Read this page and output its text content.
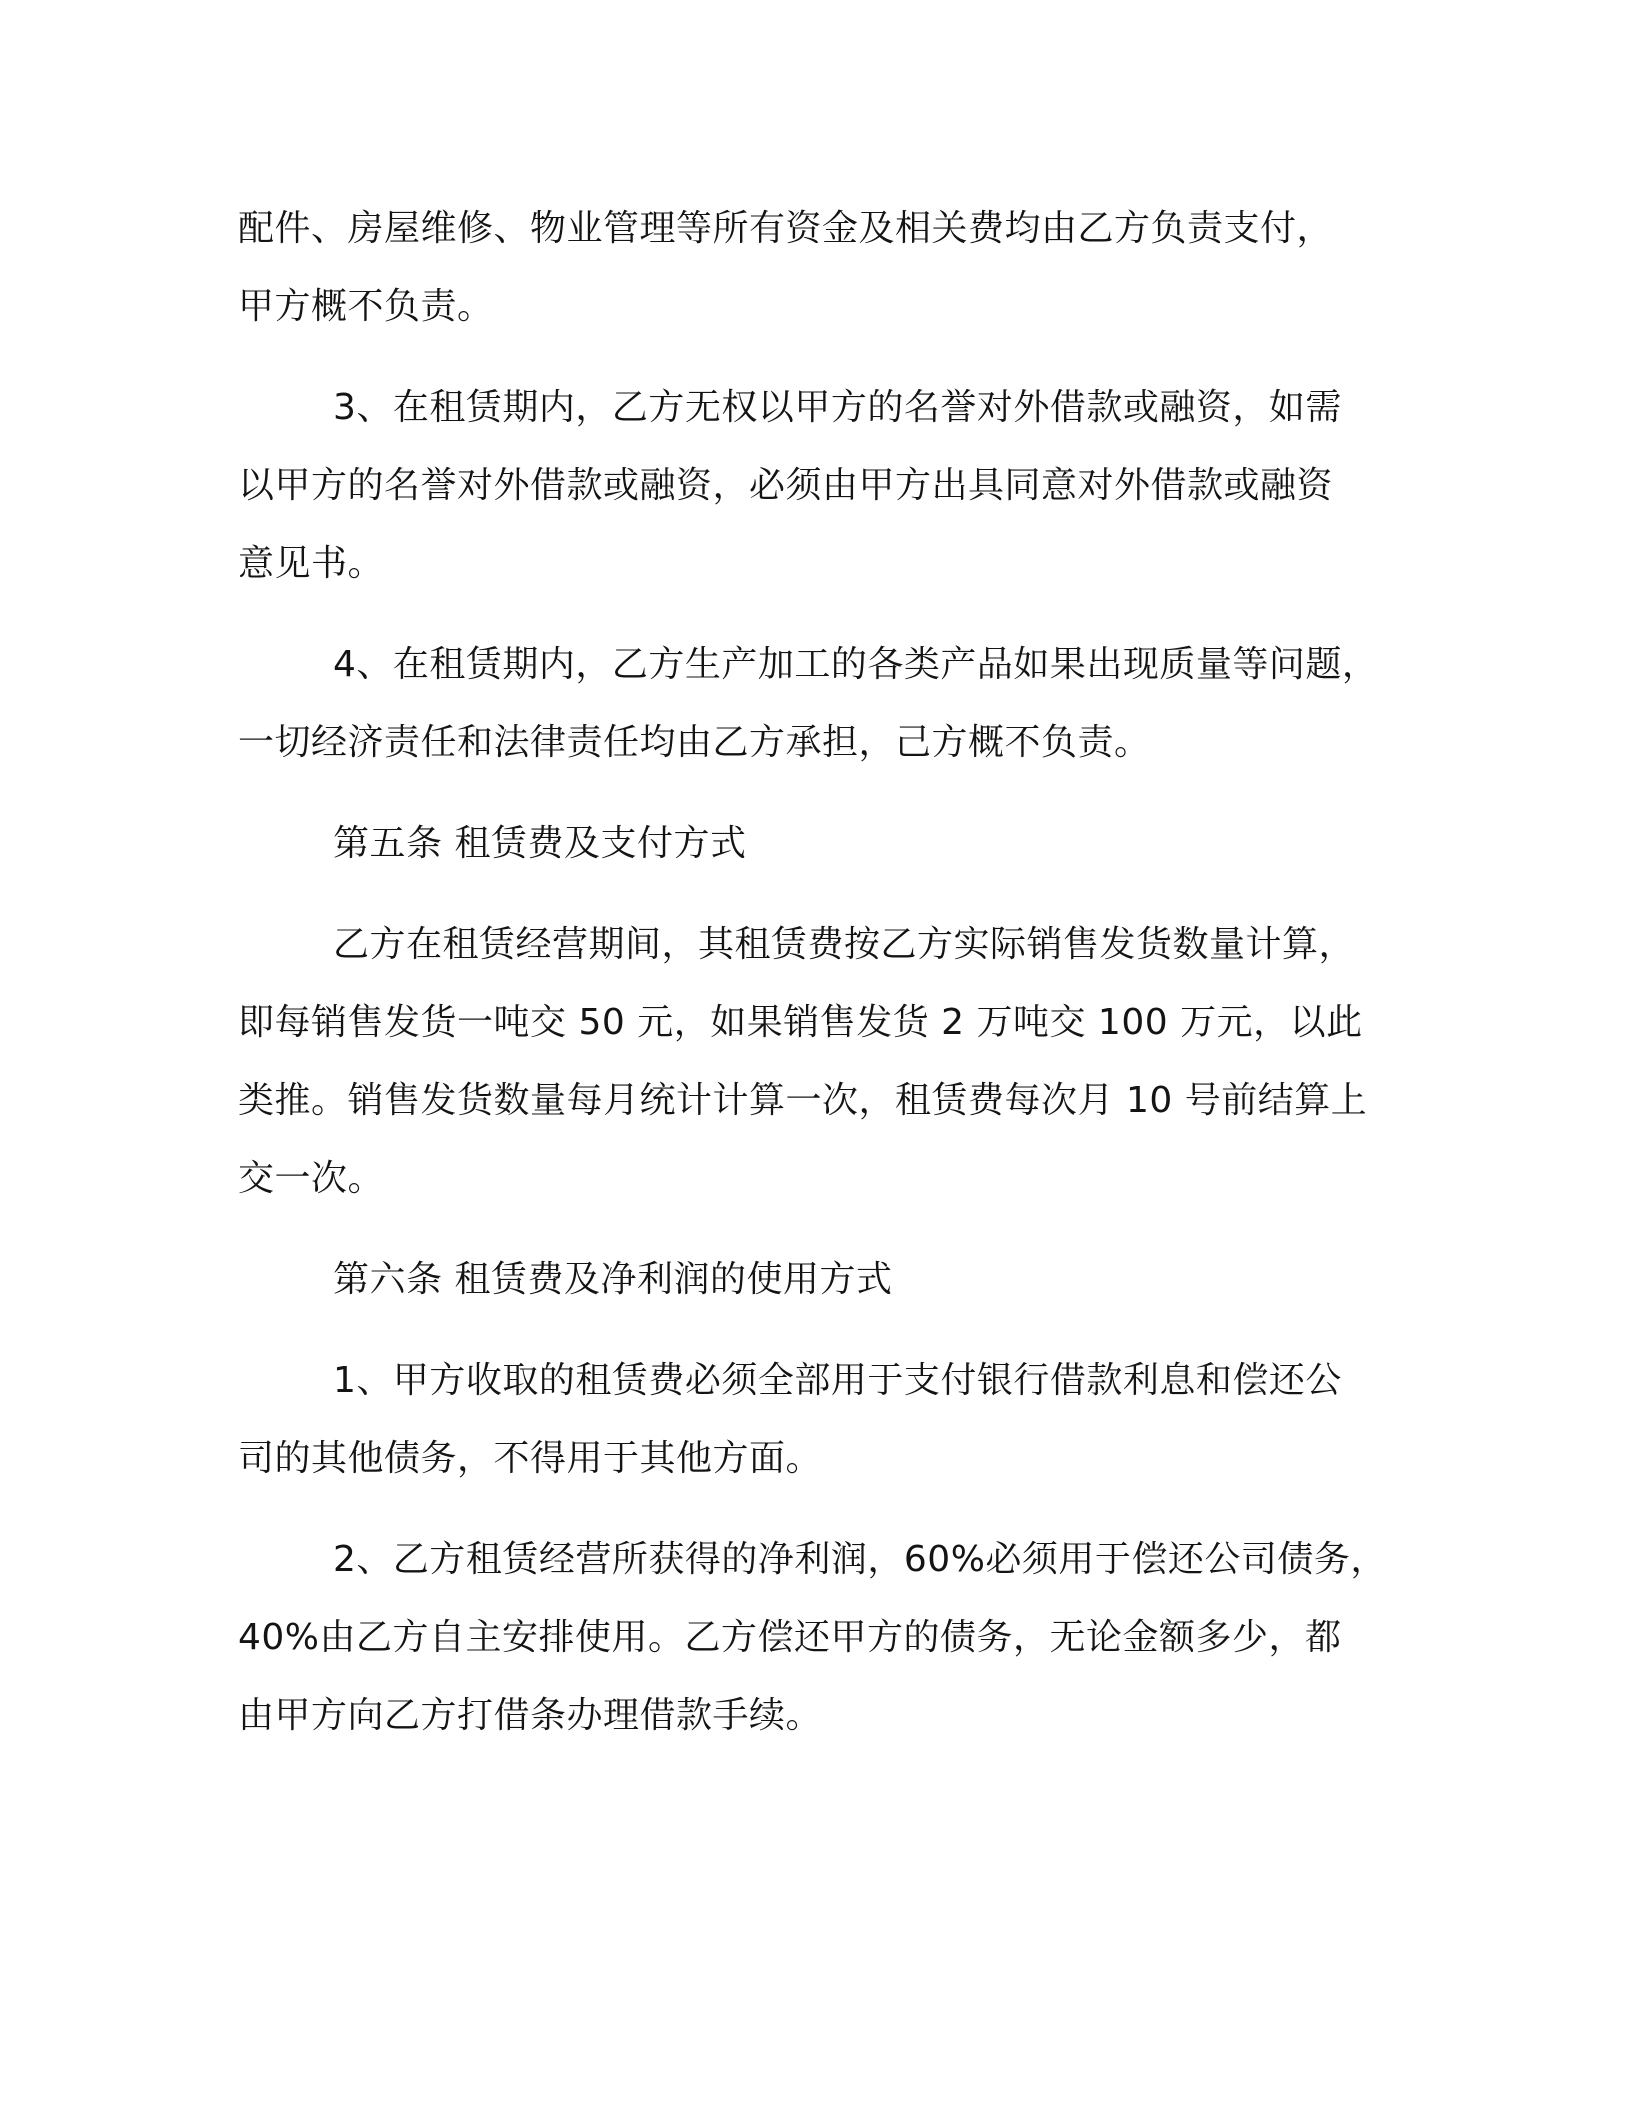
配件、房屋维修、物业管理等所有资金及相关费均由乙方负责支付，
甲方概不负责。

3、在租赁期内，乙方无权以甲方的名誉对外借款或融资，如需
以甲方的名誉对外借款或融资，必须由甲方出具同意对外借款或融资
意见书。

4、在租赁期内，乙方生产加工的各类产品如果出现质量等问题，
一切经济责任和法律责任均由乙方承担，己方概不负责。

第五条 租赁费及支付方式

乙方在租赁经营期间，其租赁费按乙方实际销售发货数量计算，
即每销售发货一吨交 50 元，如果销售发货 2 万吨交 100 万元，以此
类推。销售发货数量每月统计计算一次，租赁费每次月 10 号前结算上
交一次。

第六条 租赁费及净利润的使用方式

1、甲方收取的租赁费必须全部用于支付银行借款利息和偿还公
司的其他债务，不得用于其他方面。

2、乙方租赁经营所获得的净利润，60%必须用于偿还公司债务，
40%由乙方自主安排使用。乙方偿还甲方的债务，无论金额多少，都
由甲方向乙方打借条办理借款手续。
